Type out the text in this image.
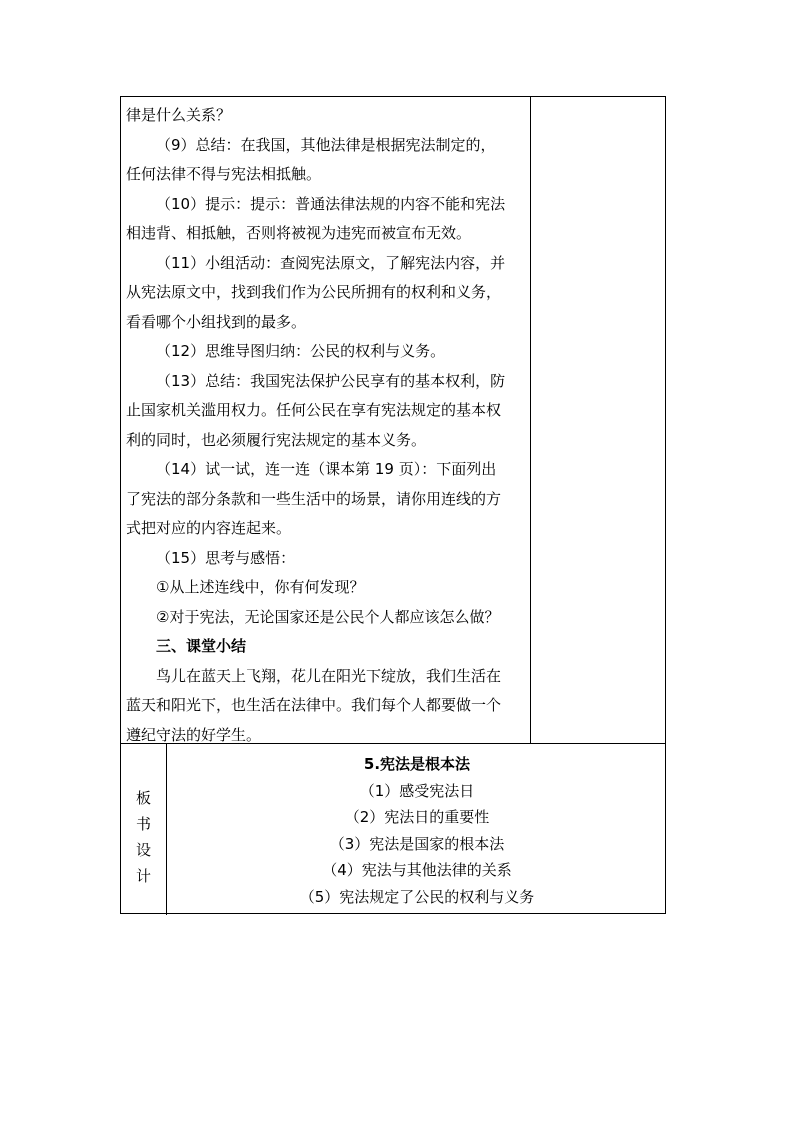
律是什么关系？

（9）总结：在我国，其他法律是根据宪法制定的，

任何法律不得与宪法相抵触。

（10）提示：提示：普通法律法规的内容不能和宪法

相违背、相抵触，否则将被视为违宪而被宣布无效。

（11）小组活动：查阅宪法原文，了解宪法内容，并

从宪法原文中，找到我们作为公民所拥有的权利和义务，

看看哪个小组找到的最多。

（12）思维导图归纳：公民的权利与义务。

（13）总结：我国宪法保护公民享有的基本权利，防

止国家机关滥用权力。任何公民在享有宪法规定的基本权

利的同时，也必须履行宪法规定的基本义务。

（14）试一试，连一连（课本第 19 页）：下面列出

了宪法的部分条款和一些生活中的场景，请你用连线的方

式把对应的内容连起来。

（15）思考与感悟：

①从上述连线中，你有何发现？

②对于宪法，无论国家还是公民个人都应该怎么做？

三、课堂小结

鸟儿在蓝天上飞翔，花儿在阳光下绽放，我们生活在

蓝天和阳光下，也生活在法律中。我们每个人都要做一个

遵纪守法的好学生。

板
书
设
计
5.宪法是根本法
（1）感受宪法日
（2）宪法日的重要性
（3）宪法是国家的根本法
（4）宪法与其他法律的关系
（5）宪法规定了公民的权利与义务
